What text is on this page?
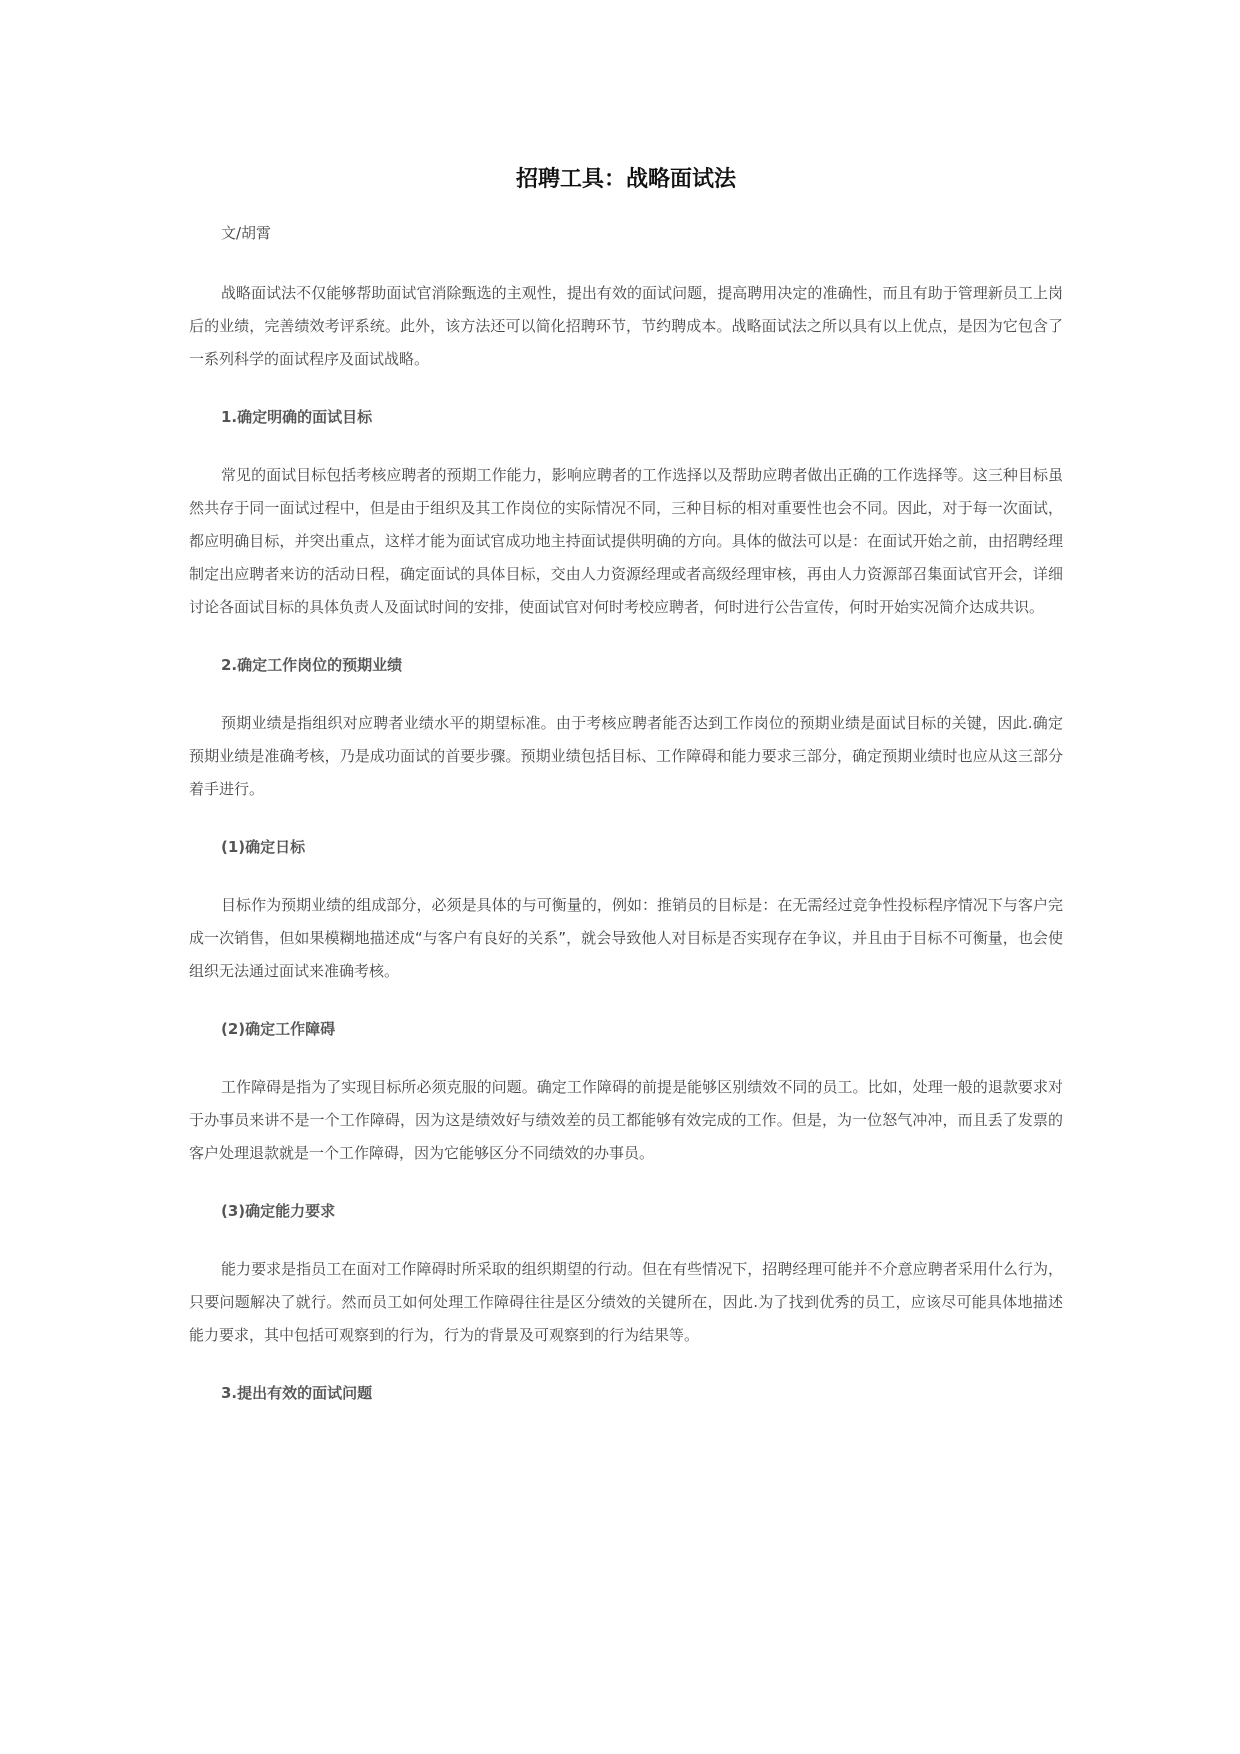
招聘工具：战略面试法

文/胡霄

战略面试法不仅能够帮助面试官消除甄选的主观性，提出有效的面试问题，提高聘用决定的准确性，而且有助于管理新员工上岗后的业绩，完善绩效考评系统。此外，该方法还可以简化招聘环节，节约聘成本。战略面试法之所以具有以上优点，是因为它包含了一系列科学的面试程序及面试战略。

1.确定明确的面试目标

常见的面试目标包括考核应聘者的预期工作能力，影响应聘者的工作选择以及帮助应聘者做出正确的工作选择等。这三种目标虽然共存于同一面试过程中，但是由于组织及其工作岗位的实际情况不同，三种目标的相对重要性也会不同。因此，对于每一次面试，都应明确目标，并突出重点，这样才能为面试官成功地主持面试提供明确的方向。具体的做法可以是：在面试开始之前，由招聘经理制定出应聘者来访的活动日程，确定面试的具体目标，交由人力资源经理或者高级经理审核，再由人力资源部召集面试官开会，详细讨论各面试目标的具体负责人及面试时间的安排，使面试官对何时考校应聘者，何时进行公告宣传，何时开始实况简介达成共识。

2.确定工作岗位的预期业绩

预期业绩是指组织对应聘者业绩水平的期望标准。由于考核应聘者能否达到工作岗位的预期业绩是面试目标的关键，因此.确定预期业绩是准确考核，乃是成功面试的首要步骤。预期业绩包括目标、工作障碍和能力要求三部分，确定预期业绩时也应从这三部分着手进行。

(1)确定日标

目标作为预期业绩的组成部分，必须是具体的与可衡量的，例如：推销员的目标是：在无需经过竞争性投标程序情况下与客户完成一次销售，但如果模糊地描述成“与客户有良好的关系”，就会导致他人对目标是否实现存在争议，并且由于目标不可衡量，也会使组织无法通过面试来准确考核。

(2)确定工作障碍

工作障碍是指为了实现目标所必须克服的问题。确定工作障碍的前提是能够区别绩效不同的员工。比如，处理一般的退款要求对于办事员来讲不是一个工作障碍，因为这是绩效好与绩效差的员工都能够有效完成的工作。但是，为一位怒气冲冲，而且丢了发票的客户处理退款就是一个工作障碍，因为它能够区分不同绩效的办事员。

(3)确定能力要求

能力要求是指员工在面对工作障碍时所采取的组织期望的行动。但在有些情况下，招聘经理可能并不介意应聘者采用什么行为，只要问题解决了就行。然而员工如何处理工作障碍往往是区分绩效的关键所在，因此.为了找到优秀的员工，应该尽可能具体地描述能力要求，其中包括可观察到的行为，行为的背景及可观察到的行为结果等。

3.提出有效的面试问题
